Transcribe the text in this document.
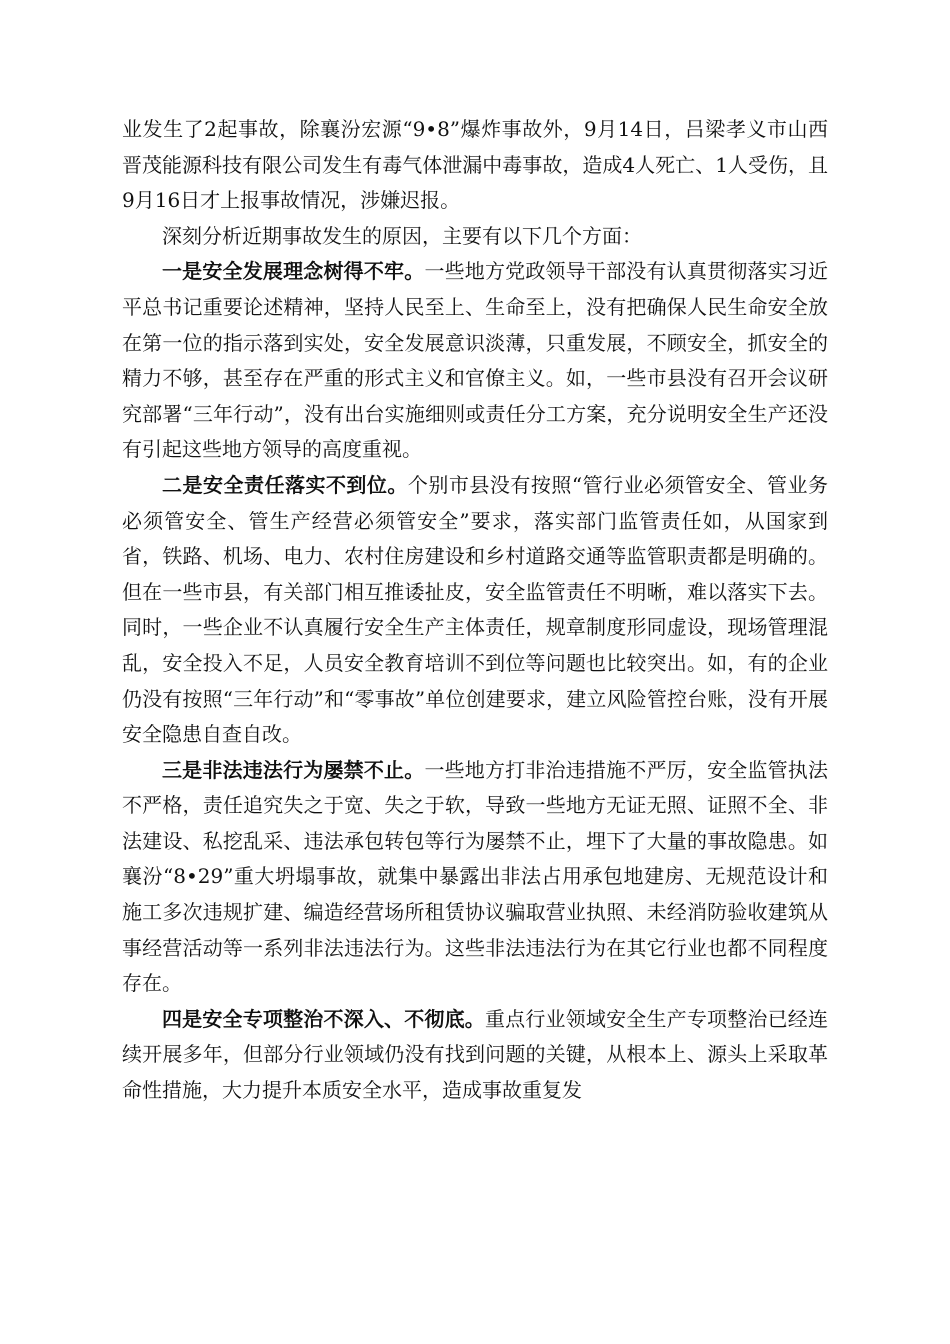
业发生了2起事故，除襄汾宏源“9•8”爆炸事故外，9月14日，吕梁孝义市山西晋茂能源科技有限公司发生有毒气体泄漏中毒事故，造成4人死亡、1人受伤，且9月16日才上报事故情况，涉嫌迟报。

深刻分析近期事故发生的原因，主要有以下几个方面：

一是安全发展理念树得不牢。一些地方党政领导干部没有认真贯彻落实习近平总书记重要论述精神，坚持人民至上、生命至上，没有把确保人民生命安全放在第一位的指示落到实处，安全发展意识淡薄，只重发展，不顾安全，抓安全的精力不够，甚至存在严重的形式主义和官僚主义。如，一些市县没有召开会议研究部署“三年行动”，没有出台实施细则或责任分工方案，充分说明安全生产还没有引起这些地方领导的高度重视。

二是安全责任落实不到位。个别市县没有按照“管行业必须管安全、管业务必须管安全、管生产经营必须管安全”要求，落实部门监管责任如，从国家到省，铁路、机场、电力、农村住房建设和乡村道路交通等监管职责都是明确的。但在一些市县，有关部门相互推诿扯皮，安全监管责任不明晰，难以落实下去。同时，一些企业不认真履行安全生产主体责任，规章制度形同虚设，现场管理混乱，安全投入不足，人员安全教育培训不到位等问题也比较突出。如，有的企业仍没有按照“三年行动”和“零事故”单位创建要求，建立风险管控台账，没有开展安全隐患自查自改。

三是非法违法行为屡禁不止。一些地方打非治违措施不严厉，安全监管执法不严格，责任追究失之于宽、失之于软，导致一些地方无证无照、证照不全、非法建设、私挖乱采、违法承包转包等行为屡禁不止，埋下了大量的事故隐患。如襄汾“8•29”重大坍塌事故，就集中暴露出非法占用承包地建房、无规范设计和施工多次违规扩建、编造经营场所租赁协议骗取营业执照、未经消防验收建筑从事经营活动等一系列非法违法行为。这些非法违法行为在其它行业也都不同程度存在。

四是安全专项整治不深入、不彻底。重点行业领域安全生产专项整治已经连续开展多年，但部分行业领域仍没有找到问题的关键，从根本上、源头上采取革命性措施，大力提升本质安全水平，造成事故重复发
